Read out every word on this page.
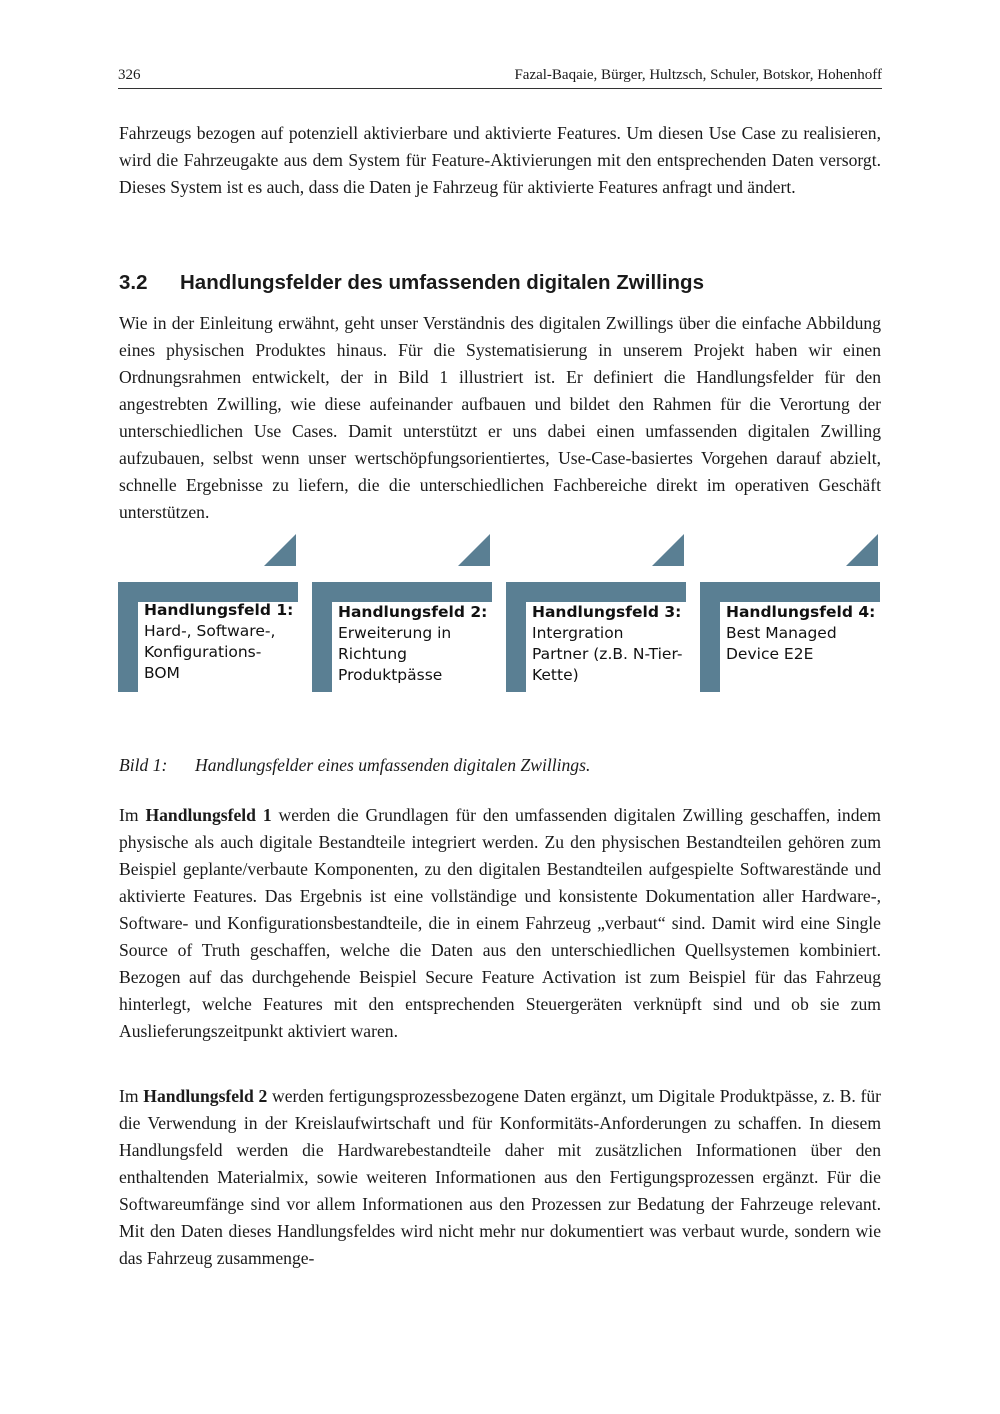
326	Fazal-Baqaie, Bürger, Hultzsch, Schuler, Botskor, Hohenhoff

Fahrzeugs bezogen auf potenziell aktivierbare und aktivierte Features. Um diesen Use Case zu realisieren, wird die Fahrzeugakte aus dem System für Feature-Aktivierungen mit den entsprechenden Daten versorgt. Dieses System ist es auch, dass die Daten je Fahrzeug für aktivierte Features anfragt und ändert.

3.2 Handlungsfelder des umfassenden digitalen Zwillings

Wie in der Einleitung erwähnt, geht unser Verständnis des digitalen Zwillings über die einfache Abbildung eines physischen Produktes hinaus. Für die Systematisierung in unserem Projekt haben wir einen Ordnungsrahmen entwickelt, der in Bild 1 illustriert ist. Er definiert die Handlungsfelder für den angestrebten Zwilling, wie diese aufeinander aufbauen und bildet den Rahmen für die Verortung der unterschiedlichen Use Cases. Damit unterstützt er uns dabei einen umfassenden digitalen Zwilling aufzubauen, selbst wenn unser wertschöpfungsorientiertes, Use-Case-basiertes Vorgehen darauf abzielt, schnelle Ergebnisse zu liefern, die die unterschiedlichen Fachbereiche direkt im operativen Geschäft unterstützen.

Handlungsfeld 1:
Hard-, Software-, Konfigurations-BOM
Handlungsfeld 2:
Erweiterung in Richtung Produktpässe
Handlungsfeld 3:
Intergration Partner (z.B. N-Tier-Kette)
Handlungsfeld 4:
Best Managed Device E2E
Bild 1: Handlungsfelder eines umfassenden digitalen Zwillings.

Im Handlungsfeld 1 werden die Grundlagen für den umfassenden digitalen Zwilling geschaffen, indem physische als auch digitale Bestandteile integriert werden. Zu den physischen Bestandteilen gehören zum Beispiel geplante/verbaute Komponenten, zu den digitalen Bestandteilen aufgespielte Softwarestände und aktivierte Features. Das Ergebnis ist eine vollständige und konsistente Dokumentation aller Hardware-, Software- und Konfigurationsbestandteile, die in einem Fahrzeug „verbaut“ sind. Damit wird eine Single Source of Truth geschaffen, welche die Daten aus den unterschiedlichen Quellsystemen kombiniert. Bezogen auf das durchgehende Beispiel Secure Feature Activation ist zum Beispiel für das Fahrzeug hinterlegt, welche Features mit den entsprechenden Steuergeräten verknüpft sind und ob sie zum Auslieferungszeitpunkt aktiviert waren.

Im Handlungsfeld 2 werden fertigungsprozessbezogene Daten ergänzt, um Digitale Produktpässe, z. B. für die Verwendung in der Kreislaufwirtschaft und für Konformitäts-Anforderungen zu schaffen. In diesem Handlungsfeld werden die Hardwarebestandteile daher mit zusätzlichen Informationen über den enthaltenden Materialmix, sowie weiteren Informationen aus den Fertigungsprozessen ergänzt. Für die Softwareumfänge sind vor allem Informationen aus den Prozessen zur Bedatung der Fahrzeuge relevant. Mit den Daten dieses Handlungsfeldes wird nicht mehr nur dokumentiert was verbaut wurde, sondern wie das Fahrzeug zusammenge-
